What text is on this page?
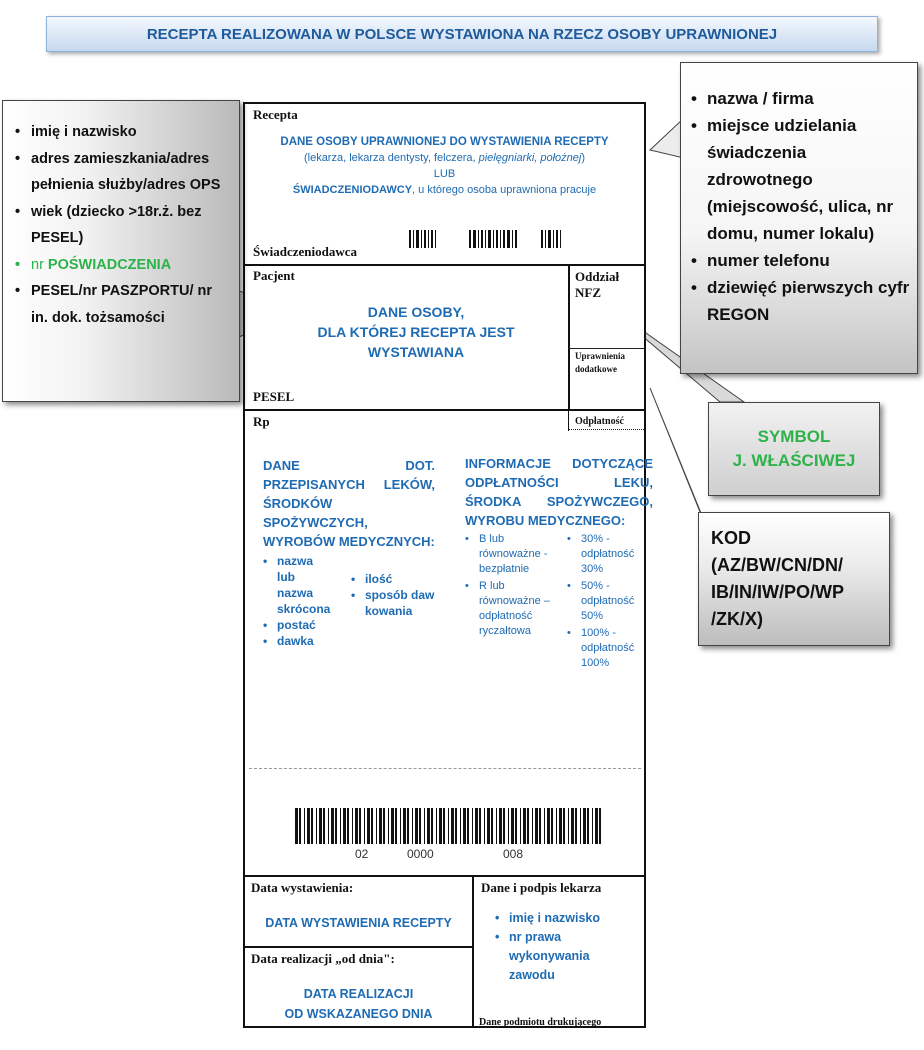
RECEPTA REALIZOWANA W POLSCE WYSTAWIONA NA RZECZ OSOBY UPRAWNIONEJ
Recepta
DANE OSOBY UPRAWNIONEJ DO WYSTAWIENIA RECEPTY
(lekarza, lekarza dentysty, felczera, pielęgniarki, położnej)
LUB
ŚWIADCZENIODAWCY, u którego osoba uprawniona pracuje
Świadczeniodawca
Pacjent
DANE OSOBY,
DLA KTÓREJ RECEPTA JEST
WYSTAWIANA
PESEL
Oddział NFZ
Uprawnienia
dodatkowe
Rp	Odpłatność
DANE DOT. PRZEPISANYCH LEKÓW, ŚRODKÓW SPOŻYWCZYCH, WYROBÓW MEDYCZNYCH:
• nazwa lub nazwa skrócona
• postać
• dawka
• ilość
• sposób dawkowania
INFORMACJE DOTYCZĄCE ODPŁATNOŚCI LEKU, ŚRODKA SPOŻYWCZEGO, WYROBU MEDYCZNEGO:
• B lub równoważne - bezpłatnie
• R lub równoważne – odpłatność ryczałtowa
• 30% - odpłatność 30%
• 50% - odpłatność 50%
• 100% - odpłatność 100%
02	0000	008
Data wystawienia:
DATA WYSTAWIENIA RECEPTY
Data realizacji „od dnia":
DATA REALIZACJI
OD WSKAZANEGO DNIA
Dane i podpis lekarza
• imię i nazwisko
• nr prawa wykonywania zawodu
Dane podmiotu drukującego
• imię i nazwisko
• adres zamieszkania/adres pełnienia służby/adres OPS
• wiek (dziecko >18r.ż. bez PESEL)
• nr POŚWIADCZENIA
• PESEL/nr PASZPORTU/ nr in. dok. tożsamości
• nazwa / firma
• miejsce udzielania świadczenia zdrowotnego (miejscowość, ulica, nr domu, numer lokalu)
• numer telefonu
• dziewięć pierwszych cyfr REGON
SYMBOL
J. WŁAŚCIWEJ
KOD
(AZ/BW/CN/DN/
IB/IN/IW/PO/WP
/ZK/X)
